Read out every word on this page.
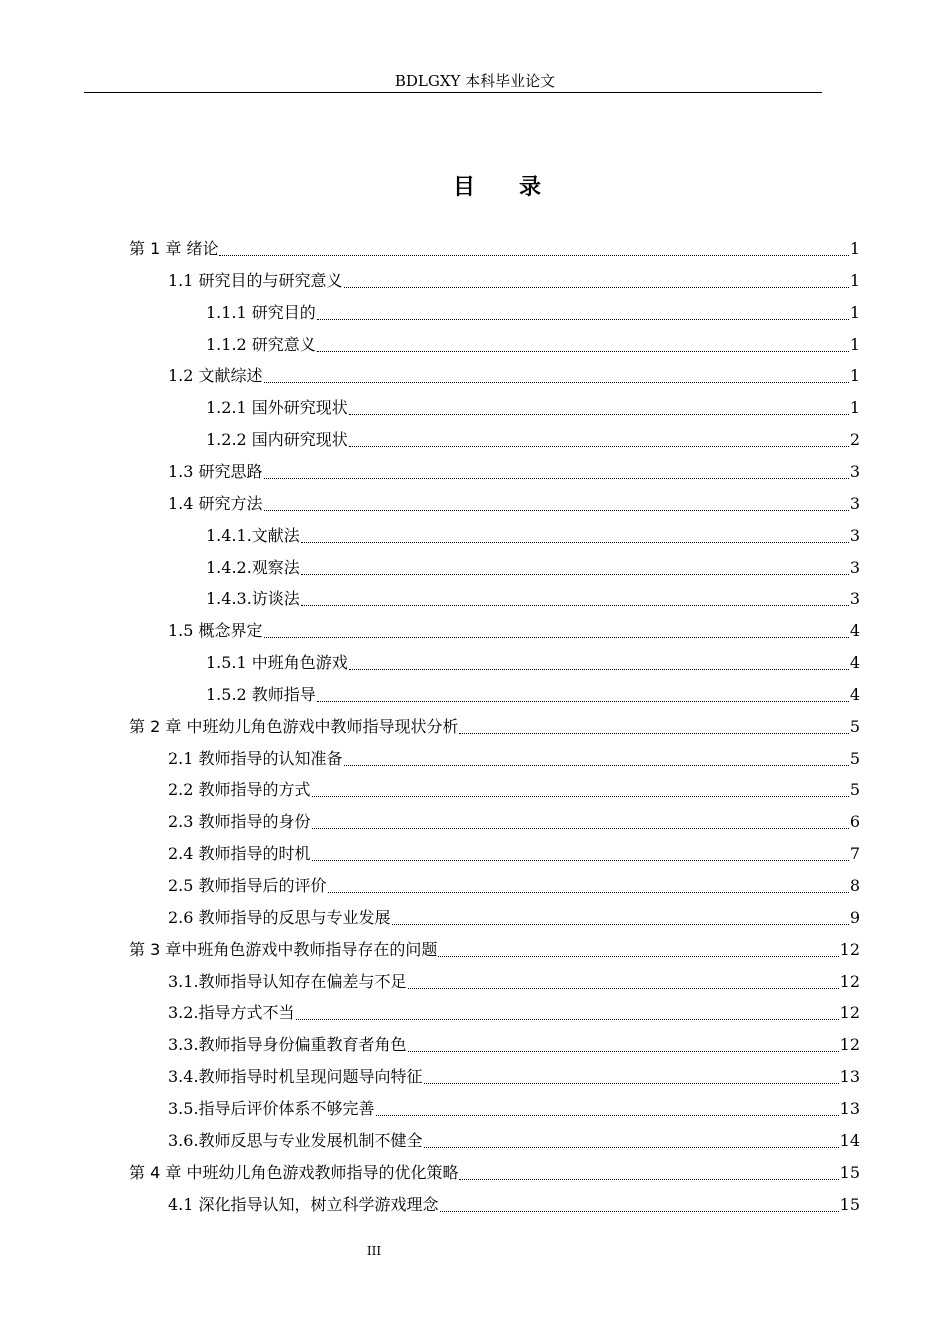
BDLGXY 本科毕业论文
目录
第 1 章 绪论	1
1.1 研究目的与研究意义	1
1.1.1 研究目的	1
1.1.2 研究意义	1
1.2 文献综述	1
1.2.1 国外研究现状	1
1.2.2 国内研究现状	2
1.3 研究思路	3
1.4 研究方法	3
1.4.1.文献法	3
1.4.2.观察法	3
1.4.3.访谈法	3
1.5 概念界定	4
1.5.1 中班角色游戏	4
1.5.2 教师指导	4
第 2 章 中班幼儿角色游戏中教师指导现状分析	5
2.1 教师指导的认知准备	5
2.2 教师指导的方式	5
2.3 教师指导的身份	6
2.4 教师指导的时机	7
2.5 教师指导后的评价	8
2.6 教师指导的反思与专业发展	9
第 3 章中班角色游戏中教师指导存在的问题	12
3.1.教师指导认知存在偏差与不足	12
3.2.指导方式不当	12
3.3.教师指导身份偏重教育者角色	12
3.4.教师指导时机呈现问题导向特征	13
3.5.指导后评价体系不够完善	13
3.6.教师反思与专业发展机制不健全	14
第 4 章 中班幼儿角色游戏教师指导的优化策略	15
4.1 深化指导认知，树立科学游戏理念	15
III
